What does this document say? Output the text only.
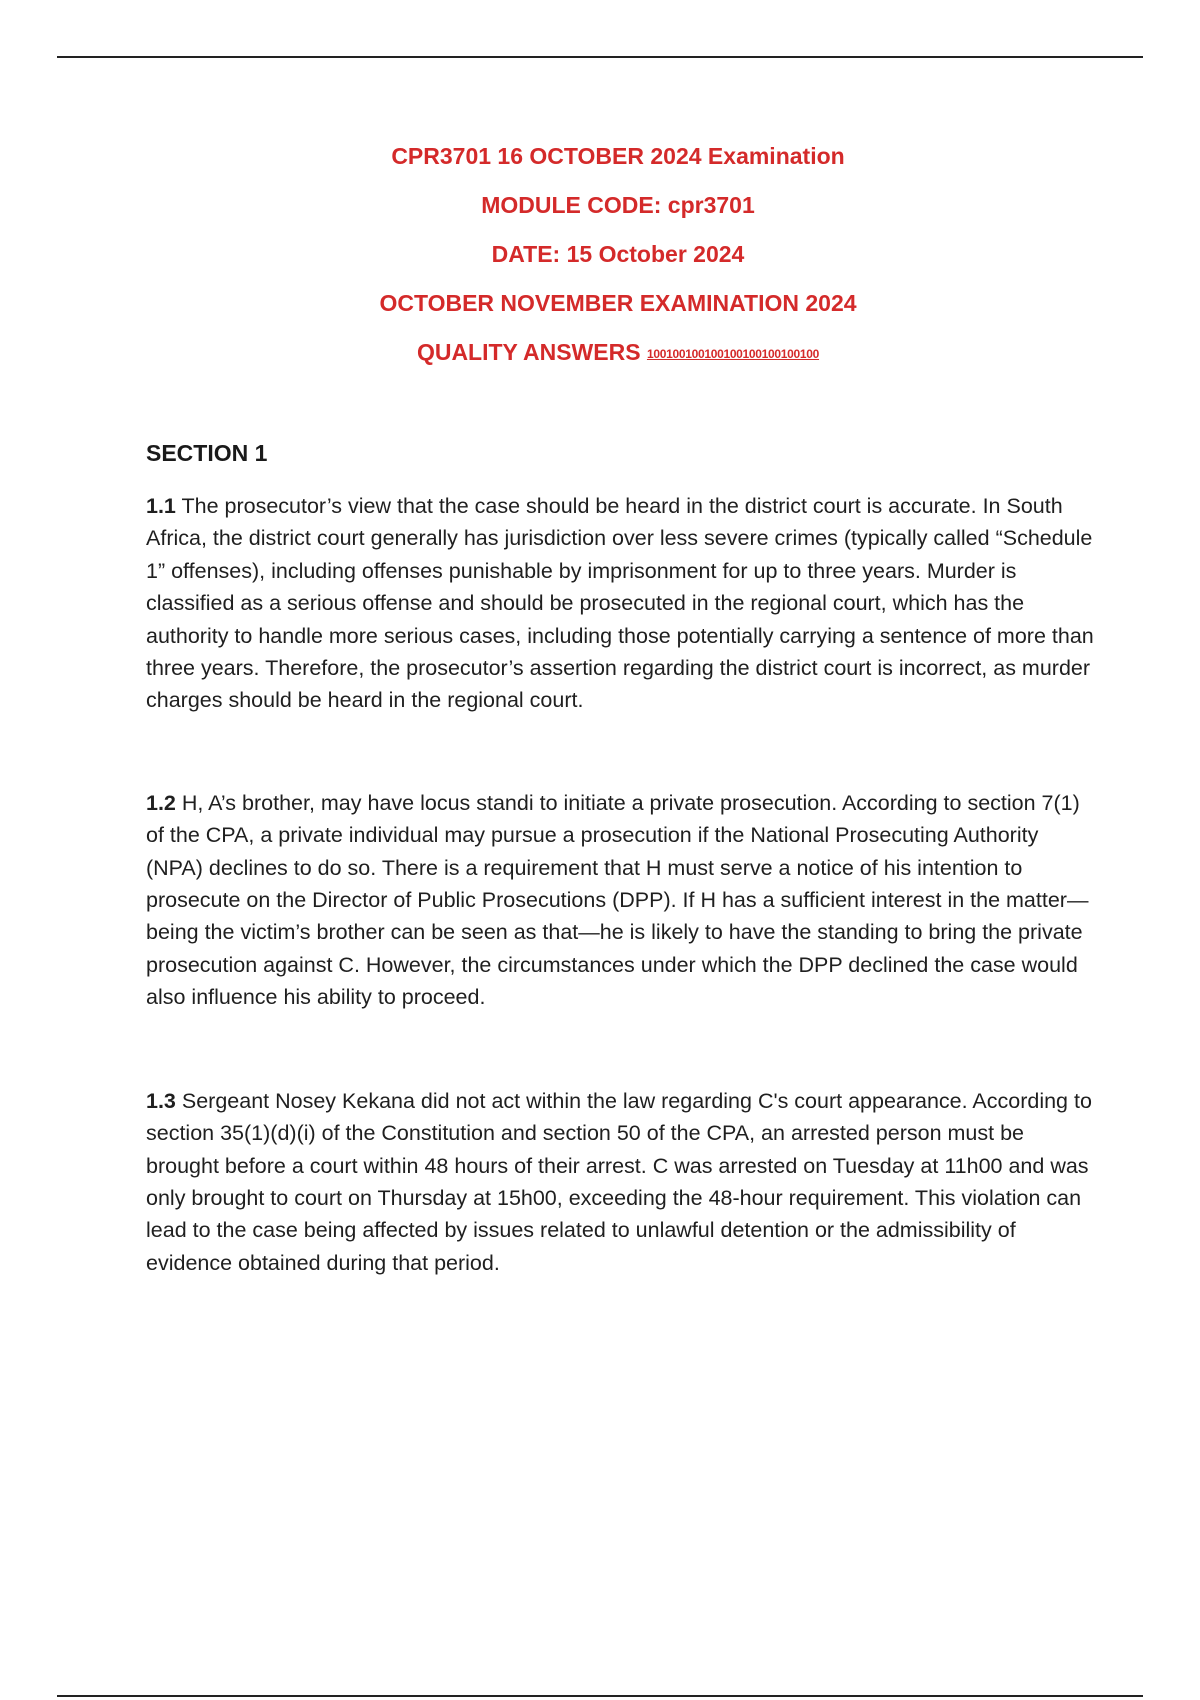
CPR3701 16 OCTOBER 2024 Examination
MODULE CODE: cpr3701
DATE: 15 October 2024
OCTOBER NOVEMBER EXAMINATION 2024
QUALITY ANSWERS 100100100100100100100100100
SECTION 1

1.1 The prosecutor’s view that the case should be heard in the district court is accurate. In South Africa, the district court generally has jurisdiction over less severe crimes (typically called “Schedule 1” offenses), including offenses punishable by imprisonment for up to three years. Murder is classified as a serious offense and should be prosecuted in the regional court, which has the authority to handle more serious cases, including those potentially carrying a sentence of more than three years. Therefore, the prosecutor’s assertion regarding the district court is incorrect, as murder charges should be heard in the regional court.

1.2 H, A’s brother, may have locus standi to initiate a private prosecution. According to section 7(1) of the CPA, a private individual may pursue a prosecution if the National Prosecuting Authority (NPA) declines to do so. There is a requirement that H must serve a notice of his intention to prosecute on the Director of Public Prosecutions (DPP). If H has a sufficient interest in the matter—being the victim’s brother can be seen as that—he is likely to have the standing to bring the private prosecution against C. However, the circumstances under which the DPP declined the case would also influence his ability to proceed.

1.3 Sergeant Nosey Kekana did not act within the law regarding C's court appearance. According to section 35(1)(d)(i) of the Constitution and section 50 of the CPA, an arrested person must be brought before a court within 48 hours of their arrest. C was arrested on Tuesday at 11h00 and was only brought to court on Thursday at 15h00, exceeding the 48-hour requirement. This violation can lead to the case being affected by issues related to unlawful detention or the admissibility of evidence obtained during that period.
